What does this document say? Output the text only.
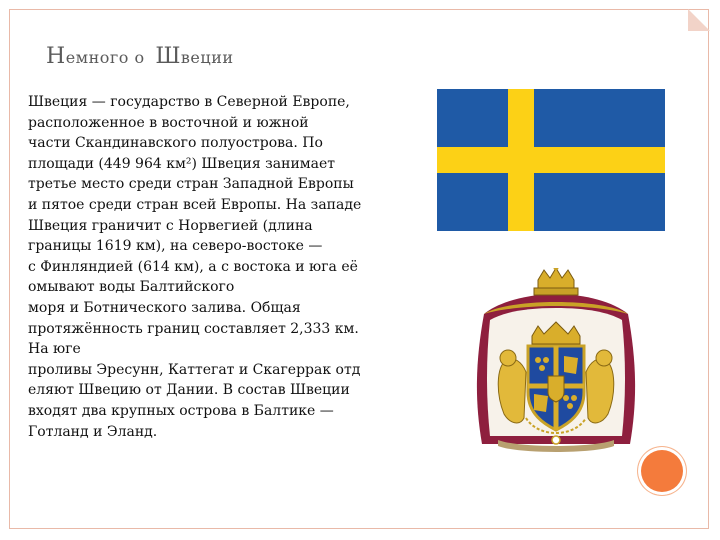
Немного о Швеции

Швеция — государство в Северной Европе,
расположенное в восточной и южной
части Скандинавского полуострова. По
площади (449 964 км²) Швеция занимает
третье место среди стран Западной Европы
и пятое среди стран всей Европы. На западе
Швеция граничит с Норвегией (длина
границы 1619 км), на северо-востоке —
с Финляндией (614 км), а с востока и юга её
омывают воды Балтийского
моря и Ботнического залива. Общая
протяжённость границ составляет 2,333 км.
На юге
проливы Эресунн, Каттегат и Скагеррак отд
еляют Швецию от Дании. В состав Швеции
входят два крупных острова в Балтике —
Готланд и Эланд.
